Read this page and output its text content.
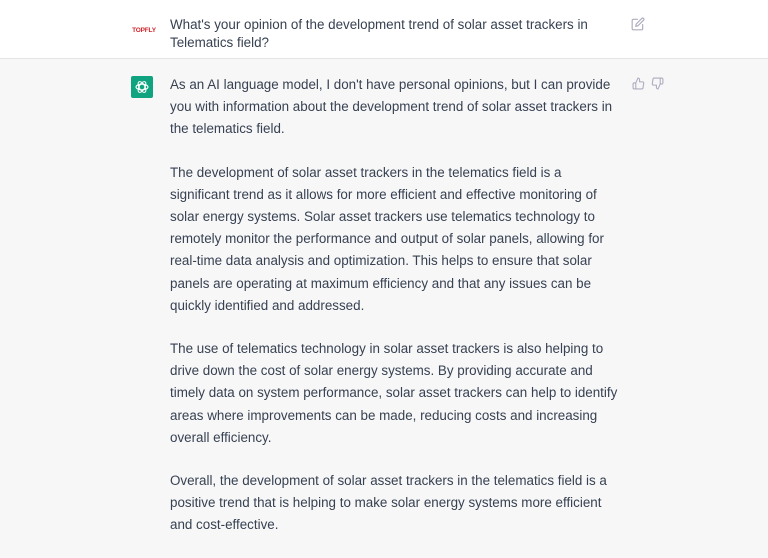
TOPFLY What's your opinion of the development trend of solar asset trackers in Telematics field?

As an AI language model, I don't have personal opinions, but I can provide you with information about the development trend of solar asset trackers in the telematics field.

The development of solar asset trackers in the telematics field is a significant trend as it allows for more efficient and effective monitoring of solar energy systems. Solar asset trackers use telematics technology to remotely monitor the performance and output of solar panels, allowing for real-time data analysis and optimization. This helps to ensure that solar panels are operating at maximum efficiency and that any issues can be quickly identified and addressed.

The use of telematics technology in solar asset trackers is also helping to drive down the cost of solar energy systems. By providing accurate and timely data on system performance, solar asset trackers can help to identify areas where improvements can be made, reducing costs and increasing overall efficiency.

Overall, the development of solar asset trackers in the telematics field is a positive trend that is helping to make solar energy systems more efficient and cost-effective.
